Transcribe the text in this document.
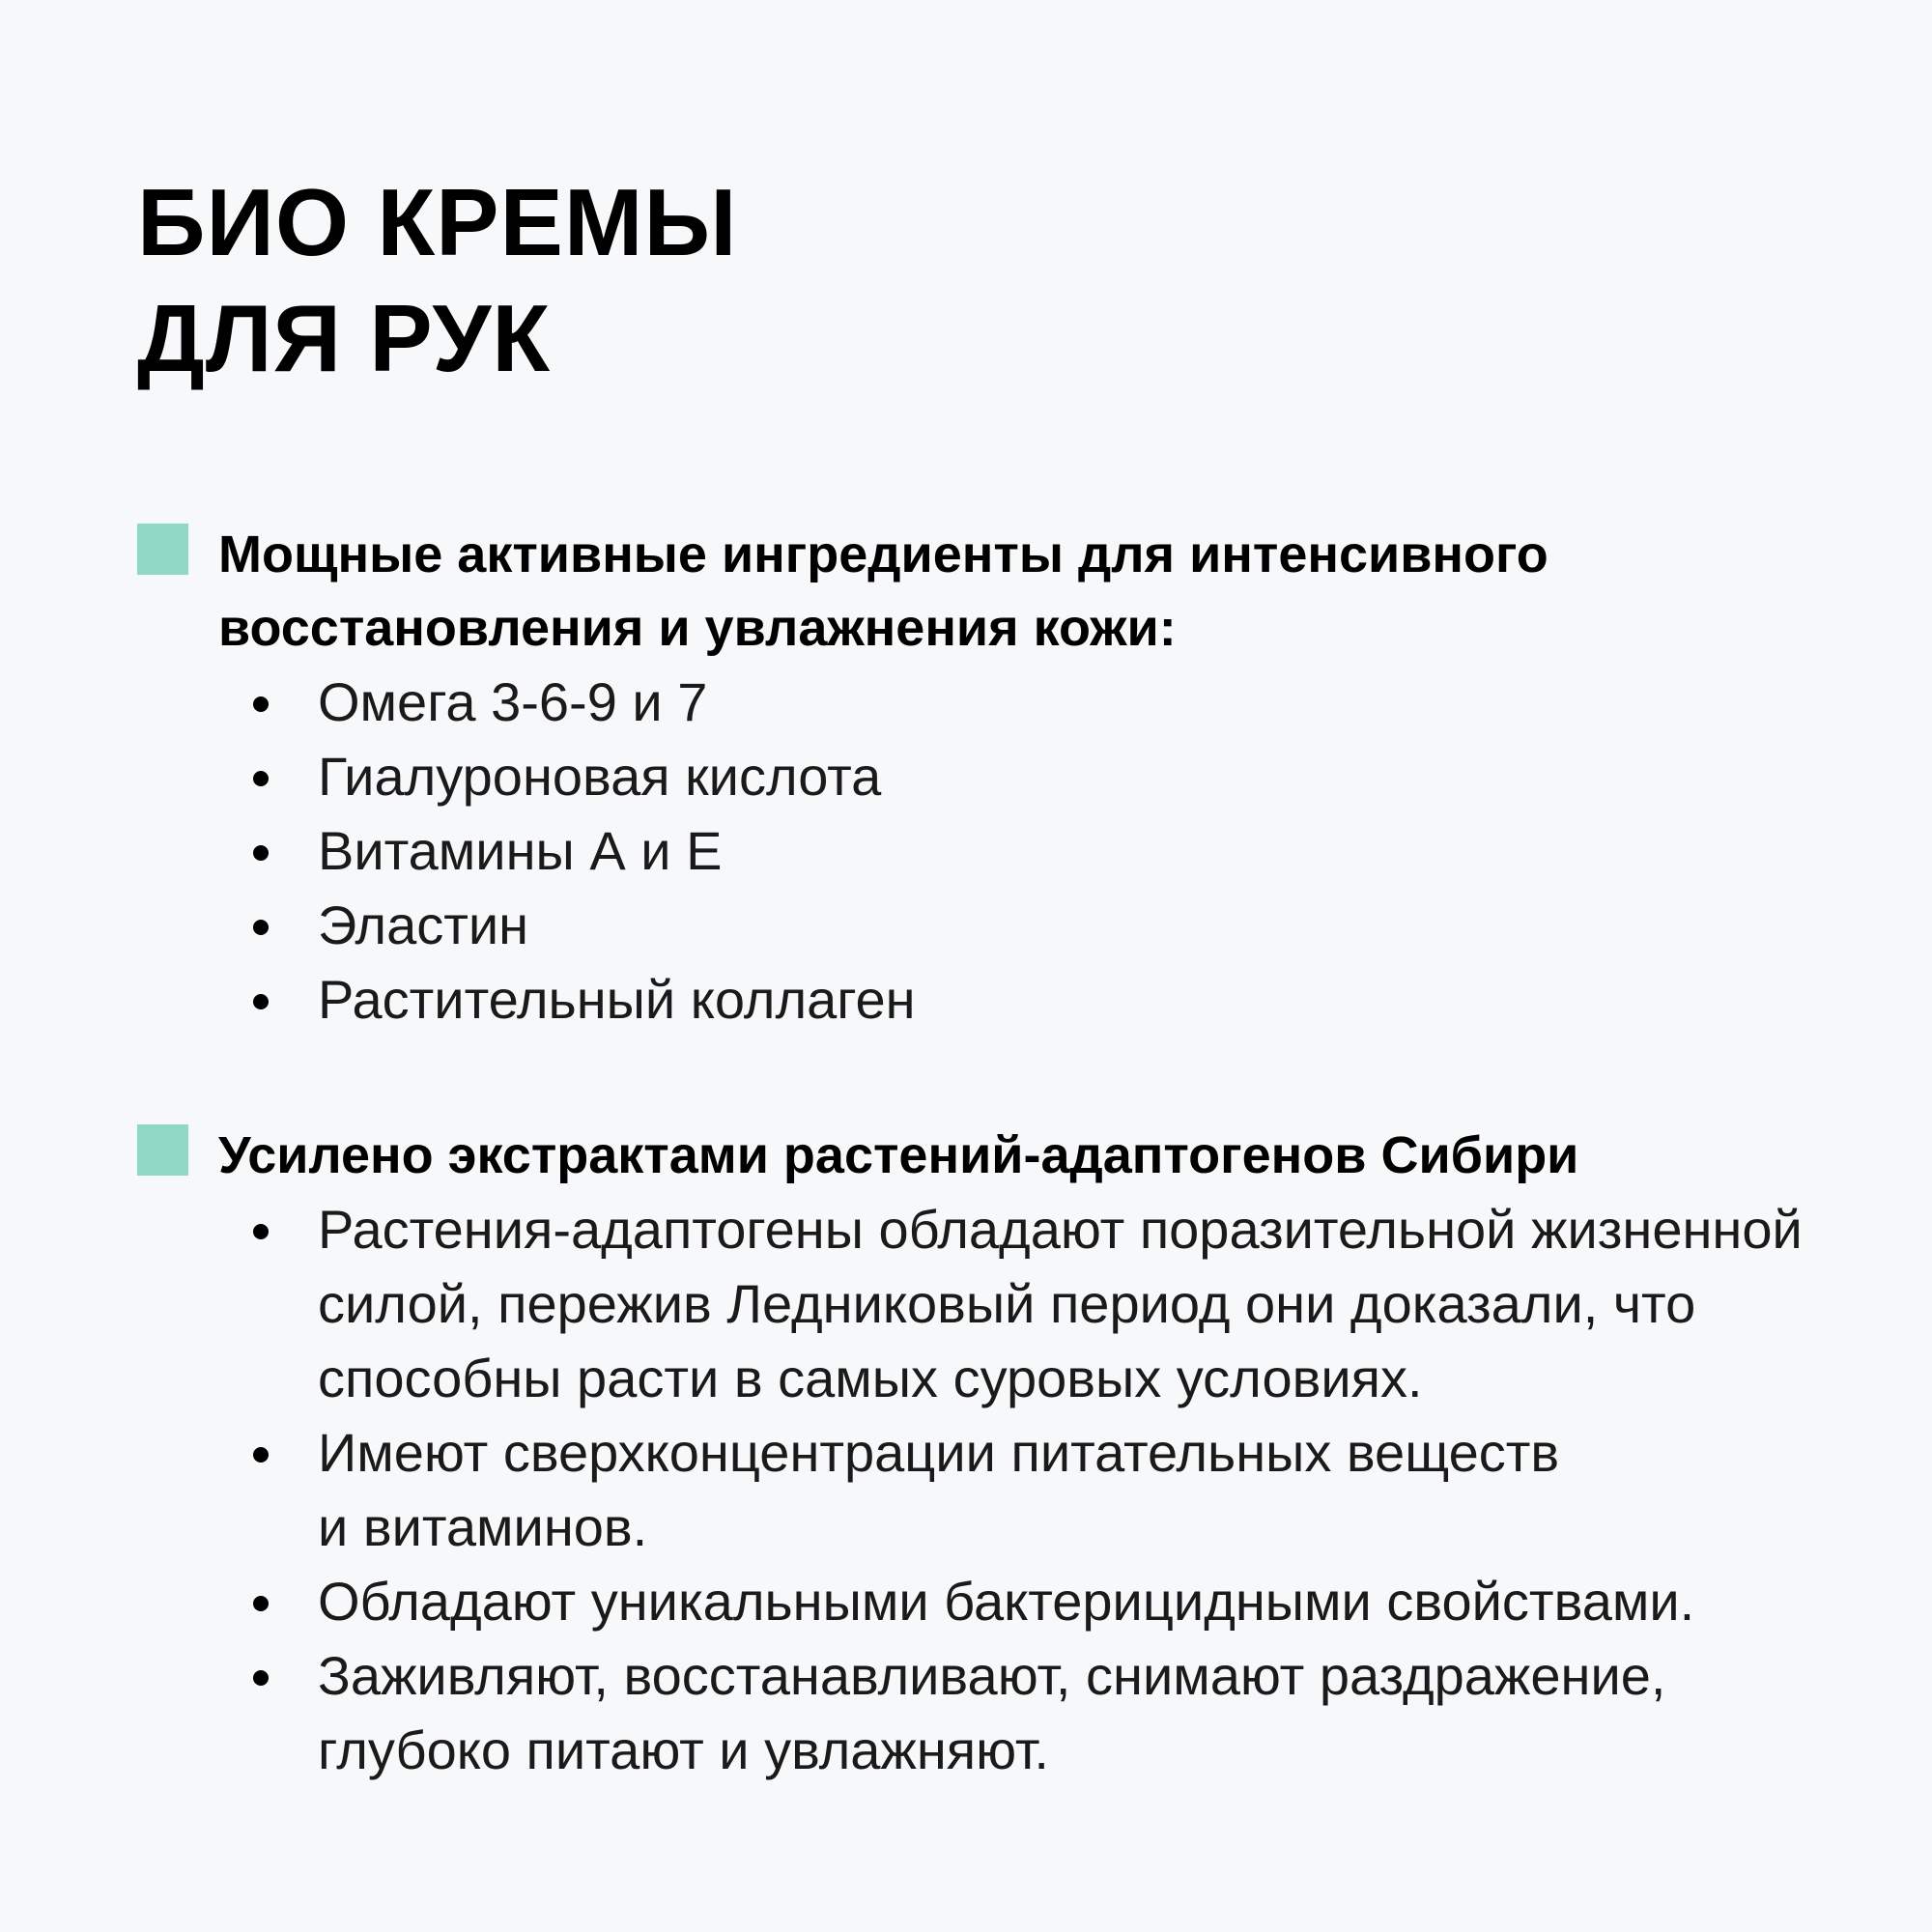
БИО КРЕМЫ
ДЛЯ РУК

Мощные активные ингредиенты для интенсивного восстановления и увлажнения кожи:

Омега 3-6-9 и 7
Гиалуроновая кислота
Витамины А и Е
Эластин
Растительный коллаген

Усилено экстрактами растений-адаптогенов Сибири

Растения-адаптогены обладают поразительной жизненной силой, пережив Ледниковый период они доказали, что способны расти в самых суровых условиях.
Имеют сверхконцентрации питательных веществ и витаминов.
Обладают уникальными бактерицидными свойствами.
Заживляют, восстанавливают, снимают раздражение, глубоко питают и увлажняют.
